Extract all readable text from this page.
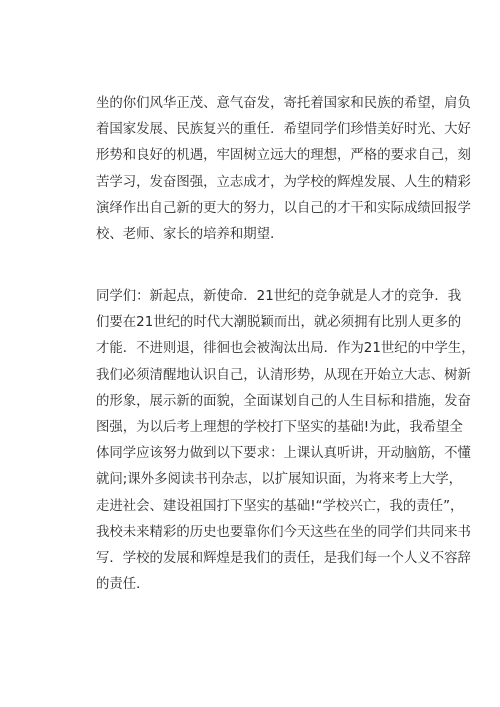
坐的你们风华正茂、意气奋发，寄托着国家和民族的希望，肩负
着国家发展、民族复兴的重任．希望同学们珍惜美好时光、大好
形势和良好的机遇，牢固树立远大的理想，严格的要求自己，刻
苦学习，发奋图强，立志成才，为学校的辉煌发展、人生的精彩
演绎作出自己新的更大的努力，以自己的才干和实际成绩回报学
校、老师、家长的培养和期望．
同学们：新起点，新使命．21世纪的竞争就是人才的竞争．我
们要在21世纪的时代大潮脱颖而出，就必须拥有比别人更多的
才能．不进则退，徘徊也会被淘汰出局．作为21世纪的中学生，
我们必须清醒地认识自己，认清形势，从现在开始立大志、树新
的形象，展示新的面貌，全面谋划自己的人生目标和措施，发奋
图强，为以后考上理想的学校打下坚实的基础!为此，我希望全
体同学应该努力做到以下要求：上课认真听讲，开动脑筋，不懂
就问;课外多阅读书刊杂志，以扩展知识面，为将来考上大学，
走进社会、建设祖国打下坚实的基础!“学校兴亡，我的责任”，
我校未来精彩的历史也要靠你们今天这些在坐的同学们共同来书
写．学校的发展和辉煌是我们的责任，是我们每一个人义不容辞
的责任．
